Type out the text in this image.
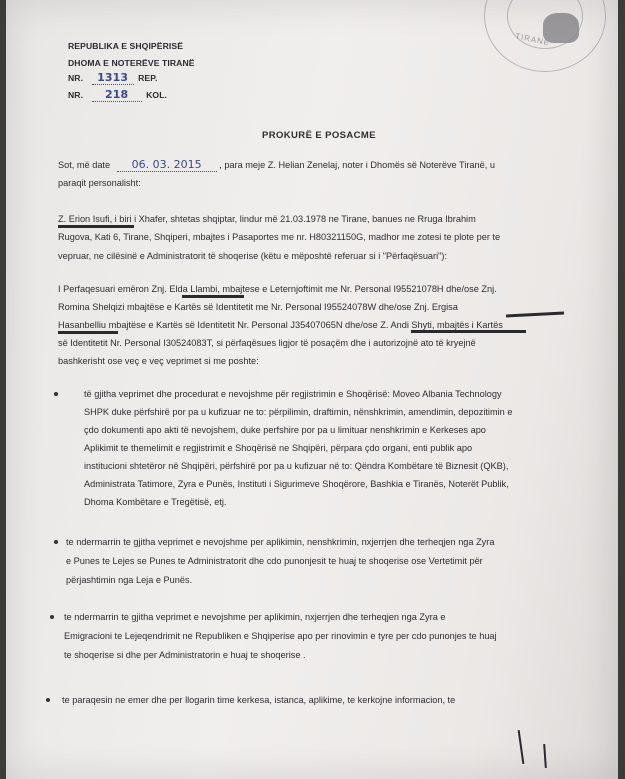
TIRANË
REPUBLIKA E SHQIPËRISË
DHOMA E NOTERËVE TIRANË
NR. 1313 REP.
NR. 218 KOL.
PROKURË E POSACME
Sot, më date 06. 03. 2015 , para meje Z. Helian Zenelaj, noter i Dhomës së Noterëve Tiranë, u
paraqit personalisht:
Z. Erion Isufi, i biri i Xhafer, shtetas shqiptar, lindur më 21.03.1978 ne Tirane, banues ne Rruga Ibrahim
Rugova, Kati 6, Tirane, Shqiperi, mbajtes i Pasaportes me nr. H80321150G, madhor me zotesi te plote per te
vepruar, ne cilësinë e Administratorit të shoqerise (këtu e mëposhtë referuar si i "Përfaqësuari"):
I Perfaqesuari emëron Znj. Elda Llambi, mbajtese e Leternjoftimit me Nr. Personal I95521078H dhe/ose Znj.
Romina Shelqizi mbajtëse e Kartës së Identitetit me Nr. Personal I95524078W dhe/ose Znj. Ergisa
Hasanbelliu mbajtëse e Kartës së Identitetit Nr. Personal J35407065N dhe/ose Z. Andi Shyti, mbajtës i Kartës
së Identitetit Nr. Personal I30524083T, si përfaqësues ligjor të posaçëm dhe i autorizojnë ato të kryejnë
bashkerisht ose veç e veç veprimet si me poshte:
të gjitha veprimet dhe procedurat e nevojshme për regjistrimin e Shoqërisë: Moveo Albania Technology
SHPK duke përfshirë por pa u kufizuar ne to: përpilimin, draftimin, nënshkrimin, amendimin, depozitimin e
çdo dokumenti apo akti të nevojshem, duke perfshire por pa u limituar nenshkrimin e Kerkeses apo
Aplikimit te themelimit e regjistrimit e Shoqërisë ne Shqipëri, përpara çdo organi, enti publik apo
institucioni shtetëror në Shqipëri, përfshirë por pa u kufizuar në to: Qëndra Kombëtare të Biznesit (QKB),
Administrata Tatimore, Zyra e Punës, Instituti i Sigurimeve Shoqërore, Bashkia e Tiranës, Noterët Publik,
Dhoma Kombëtare e Tregëtisë, etj.
te ndermarrin te gjitha veprimet e nevojshme per aplikimin, nenshkrimin, nxjerrjen dhe terheqjen nga Zyra
e Punes te Lejes se Punes te Administratorit dhe cdo punonjesit te huaj te shoqerise ose Vertetimit për
përjashtimin nga Leja e Punës.
te ndermarrin te gjitha veprimet e nevojshme per aplikimin, nxjerrjen dhe terheqjen nga Zyra e
Emigracioni te Lejeqendrimit ne Republiken e Shqiperise apo per rinovimin e tyre per cdo punonjes te huaj
te shoqerise si dhe per Administratorin e huaj te shoqerise .
te paraqesin ne emer dhe per llogarin time kerkesa, istanca, aplikime, te kerkojne informacion, te
